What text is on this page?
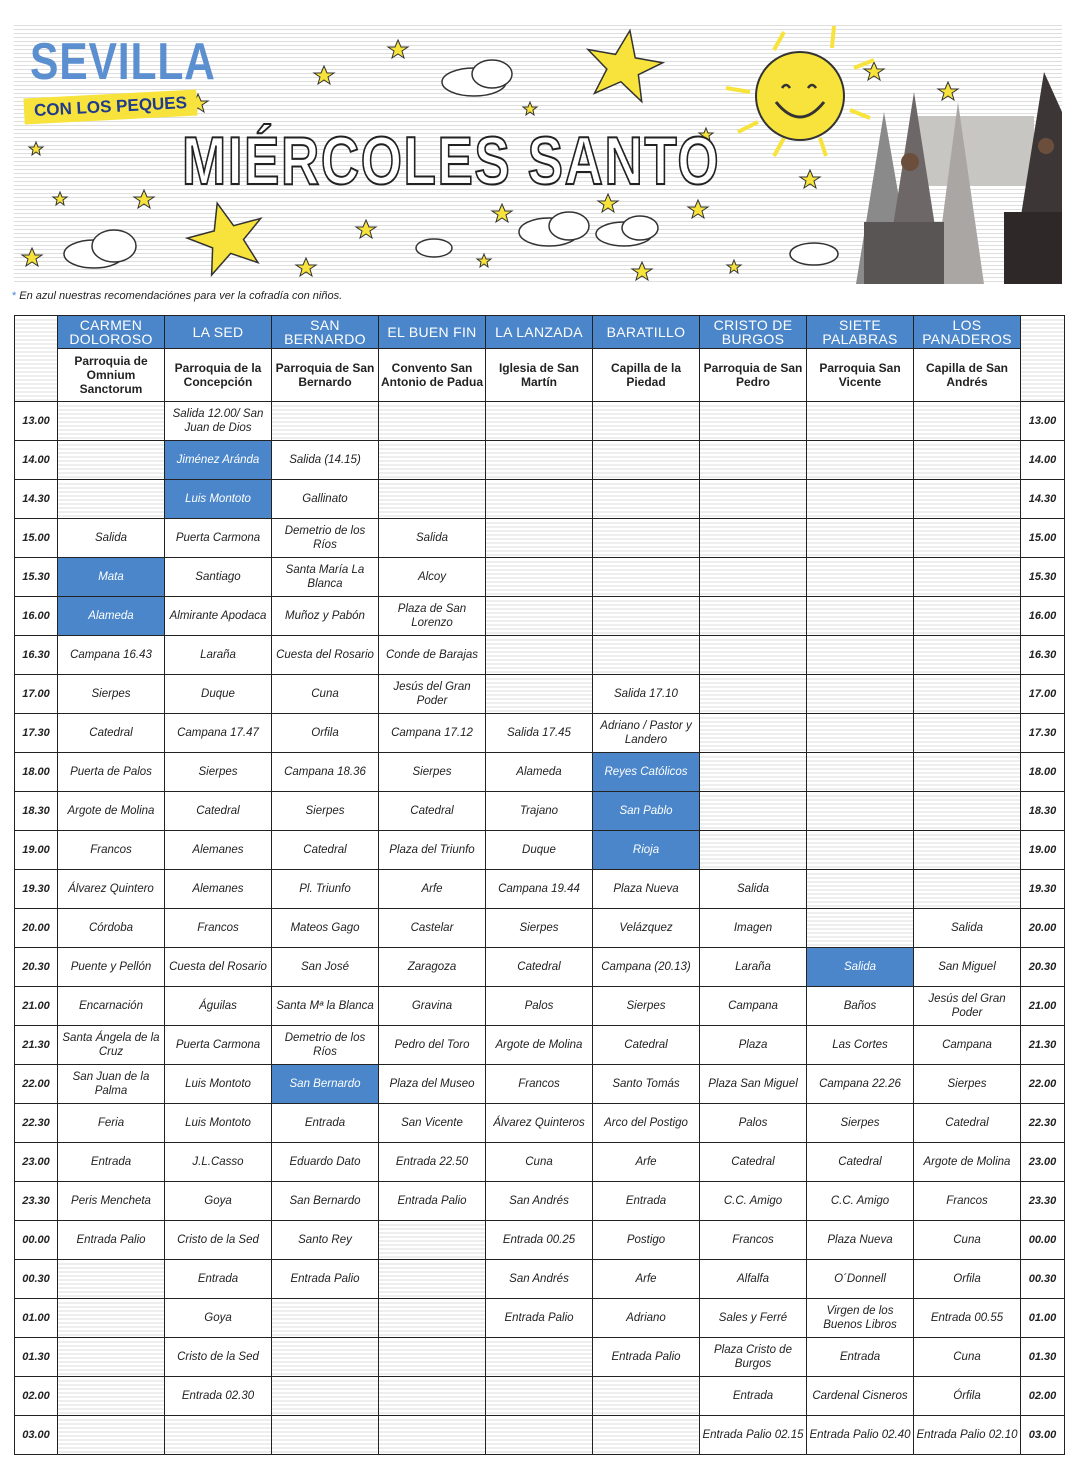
SEVILLA
CON LOS PEQUES
MIÉRCOLES SANTO
* En azul nuestras recomendaciónes para ver la cofradía con niños.
	CARMEN DOLOROSO	LA SED	SAN BERNARDO	EL BUEN FIN	LA LANZADA	BARATILLO	CRISTO DE BURGOS	SIETE PALABRAS	LOS PANADEROS	
	Parroquia de Omnium Sanctorum	Parroquia de la Concepción	Parroquia de San Bernardo	Convento San Antonio de Padua	Iglesia de San Martín	Capilla de la Piedad	Parroquia de San Pedro	Parroquia San Vicente	Capilla de San Andrés	
13.00		Salida 12.00/ San Juan de Dios								13.00
14.00		Jiménez Aránda	Salida (14.15)							14.00
14.30		Luis Montoto	Gallinato							14.30
15.00	Salida	Puerta Carmona	Demetrio de los Ríos	Salida						15.00
15.30	Mata	Santiago	Santa María La Blanca	Alcoy						15.30
16.00	Alameda	Almirante Apodaca	Muñoz y Pabón	Plaza de San Lorenzo						16.00
16.30	Campana 16.43	Laraña	Cuesta del Rosario	Conde de Barajas						16.30
17.00	Sierpes	Duque	Cuna	Jesús del Gran Poder		Salida 17.10				17.00
17.30	Catedral	Campana 17.47	Orfila	Campana 17.12	Salida 17.45	Adriano / Pastor y Landero				17.30
18.00	Puerta de Palos	Sierpes	Campana 18.36	Sierpes	Alameda	Reyes Católicos				18.00
18.30	Argote de Molina	Catedral	Sierpes	Catedral	Trajano	San Pablo				18.30
19.00	Francos	Alemanes	Catedral	Plaza del Triunfo	Duque	Rioja				19.00
19.30	Álvarez Quintero	Alemanes	Pl. Triunfo	Arfe	Campana 19.44	Plaza Nueva	Salida			19.30
20.00	Córdoba	Francos	Mateos Gago	Castelar	Sierpes	Velázquez	Imagen		Salida	20.00
20.30	Puente y Pellón	Cuesta del Rosario	San José	Zaragoza	Catedral	Campana (20.13)	Laraña	Salida	San Miguel	20.30
21.00	Encarnación	Águilas	Santa Mª la Blanca	Gravina	Palos	Sierpes	Campana	Baños	Jesús del Gran Poder	21.00
21.30	Santa Ángela de la Cruz	Puerta Carmona	Demetrio de los Ríos	Pedro del Toro	Argote de Molina	Catedral	Plaza	Las Cortes	Campana	21.30
22.00	San Juan de la Palma	Luis Montoto	San Bernardo	Plaza del Museo	Francos	Santo Tomás	Plaza San Miguel	Campana 22.26	Sierpes	22.00
22.30	Feria	Luis Montoto	Entrada	San Vicente	Álvarez Quinteros	Arco del Postigo	Palos	Sierpes	Catedral	22.30
23.00	Entrada	J.L.Casso	Eduardo Dato	Entrada 22.50	Cuna	Arfe	Catedral	Catedral	Argote de Molina	23.00
23.30	Peris Mencheta	Goya	San Bernardo	Entrada Palio	San Andrés	Entrada	C.C. Amigo	C.C. Amigo	Francos	23.30
00.00	Entrada Palio	Cristo de la Sed	Santo Rey		Entrada 00.25	Postigo	Francos	Plaza Nueva	Cuna	00.00
00.30		Entrada	Entrada Palio		San Andrés	Arfe	Alfalfa	O´Donnell	Orfila	00.30
01.00		Goya			Entrada Palio	Adriano	Sales y Ferré	Virgen de los Buenos Libros	Entrada 00.55	01.00
01.30		Cristo de la Sed				Entrada Palio	Plaza Cristo de Burgos	Entrada	Cuna	01.30
02.00		Entrada 02.30					Entrada	Cardenal Cisneros	Órfila	02.00
03.00							Entrada Palio 02.15	Entrada Palio 02.40	Entrada Palio 02.10	03.00
